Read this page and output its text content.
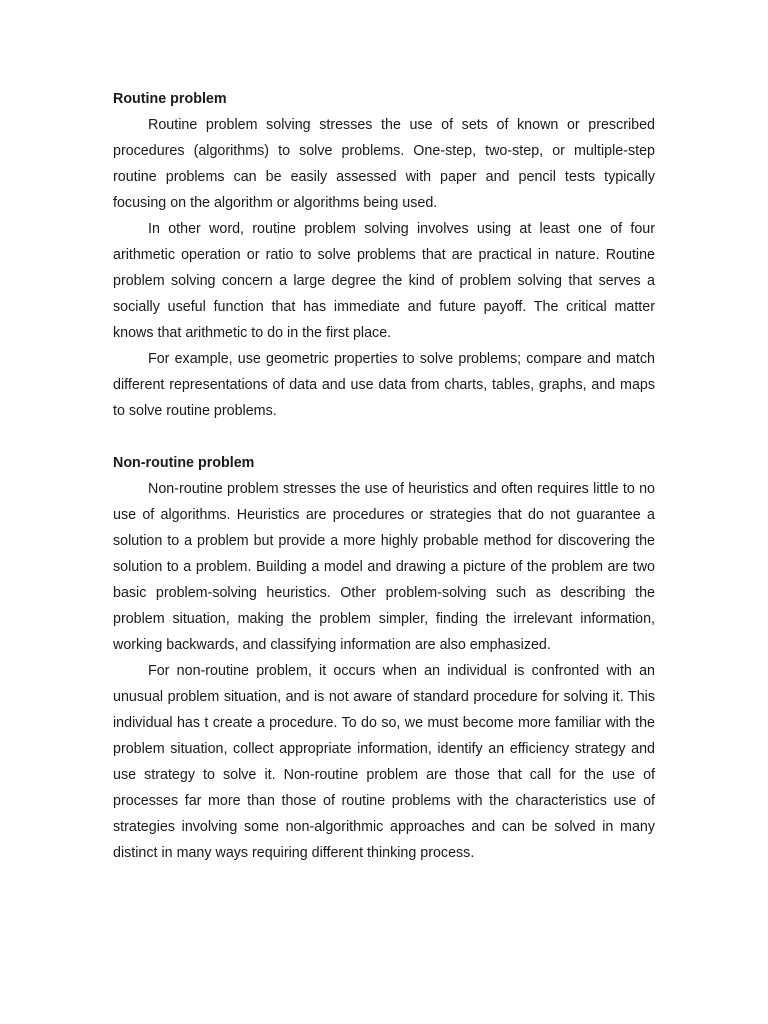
Routine problem

Routine problem solving stresses the use of sets of known or prescribed procedures (algorithms) to solve problems. One-step, two-step, or multiple-step routine problems can be easily assessed with paper and pencil tests typically focusing on the algorithm or algorithms being used.

In other word, routine problem solving involves using at least one of four arithmetic operation or ratio to solve problems that are practical in nature. Routine problem solving concern a large degree the kind of problem solving that serves a socially useful function that has immediate and future payoff. The critical matter knows that arithmetic to do in the first place.

For example, use geometric properties to solve problems; compare and match different representations of data and use data from charts, tables, graphs, and maps to solve routine problems.

Non-routine problem

Non-routine problem stresses the use of heuristics and often requires little to no use of algorithms. Heuristics are procedures or strategies that do not guarantee a solution to a problem but provide a more highly probable method for discovering the solution to a problem. Building a model and drawing a picture of the problem are two basic problem-solving heuristics. Other problem-solving such as describing the problem situation, making the problem simpler, finding the irrelevant information, working backwards, and classifying information are also emphasized.

For non-routine problem, it occurs when an individual is confronted with an unusual problem situation, and is not aware of standard procedure for solving it. This individual has t create a procedure. To do so, we must become more familiar with the problem situation, collect appropriate information, identify an efficiency strategy and use strategy to solve it. Non-routine problem are those that call for the use of processes far more than those of routine problems with the characteristics use of strategies involving some non-algorithmic approaches and can be solved in many distinct in many ways requiring different thinking process.
